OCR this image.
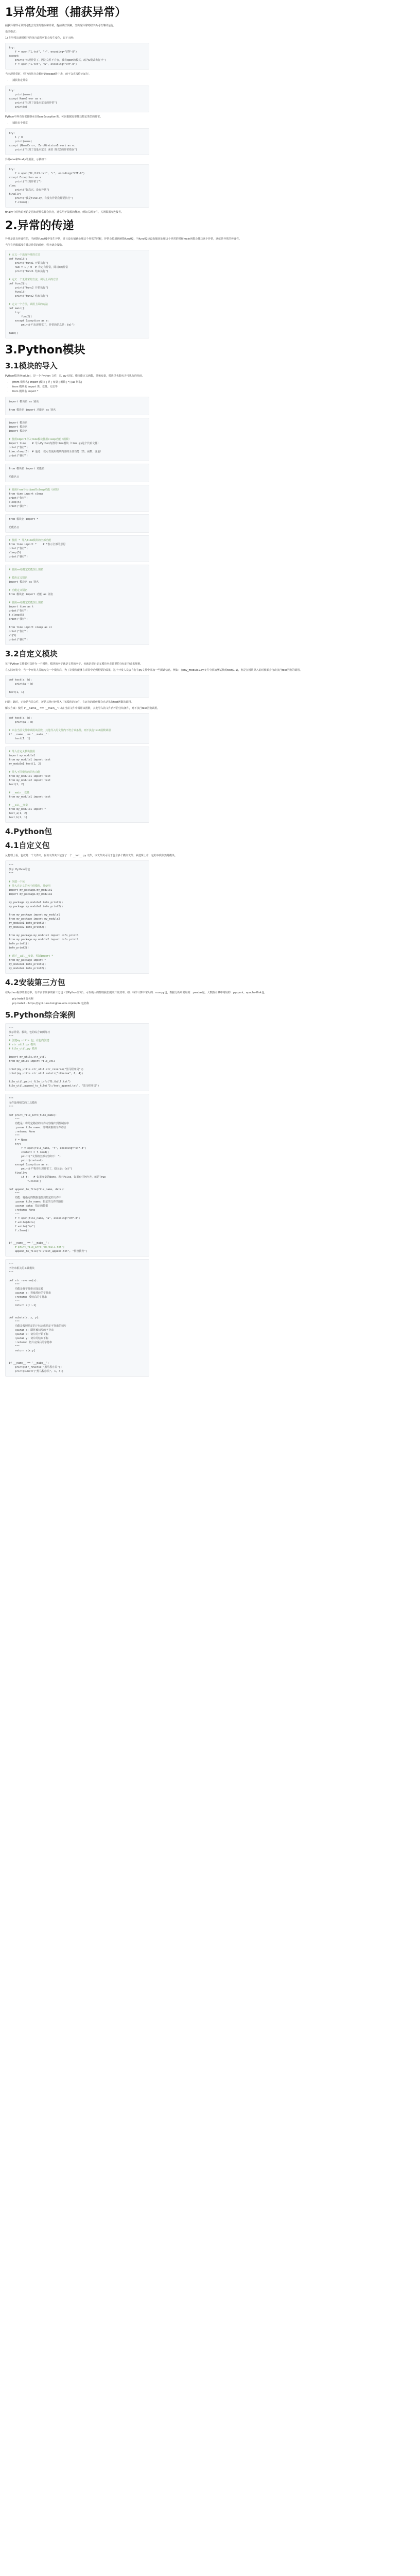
1异常处理（捕获异常）

捕获异常即可预判可能会发生的错误和异常，提前做好预案，当出现异常时程序仍可以继续运行。

语法格式：

1) 在异常出现时程序的执行流程可能会发生变化，如下示例：

try:
f = open("1.txt", "r", encoding="UTF-8")
except:
print("出现异常了，因为文件不存在，我将open的模式，改为w模式去打开")
f = open("1.txt", "w", encoding="UTF-8")

当出现异常时，程序的执行会跳转到except块中去，而不会直接终止运行。

• 捕获指定异常
try:
print(name)
except NameError as e:
print("出现了变量未定义的异常")
print(e)

Python中所有异常都继承自BaseException类，可以根据需要捕获特定类型的异常。

• 捕获多个异常
try:
1 / 0
print(name)
except (NameError, ZeroDivisionError) as e:
print("出现了变量未定义 或者 除以0的异常错误")

异常else和finally的用法，示例如下：

try:
f = open("D:/123.txt", "r", encoding="UTF-8")
except Exception as e:
print("出现异常了")
else:
print("好高兴，没有异常")
finally:
print("我是finally，有没有异常我都要执行")
f.close()

finally中的代码无论是否出现异常都会执行，通常用于资源的释放，例如关闭文件、关闭数据库连接等。

2.异常的传递

异常是具有传递性的，当函数func01中发生异常，并且没有捕获处理这个异常的时候，异常会传递到函数func02，当func02也没有捕获处理这个异常的时候main函数会捕获这个异常，这就是异常的传递性。

当所有函数都没有捕获异常的时候，程序就会报错。

# 定义一个出现异常的方法
def func1():
print("func1 开始执行")
num = 1 / 0  # 肯定有异常，除以0的异常
print("func1 结束执行")

# 定义一个无异常的方法，调用上面的方法
def func2():
print("func2 开始执行")
func1()
print("func2 结束执行")

# 定义一个方法，调用上面的方法
def main():
try:
func2()
except Exception as e:
print(f"出现异常了，异常的信息是：{e}")

main()
3.Python模块
3.1模块的导入

Python模块(Module)，是一个 Python 文件，以 .py 结尾。模块能定义函数，类和变量，模块里也能包含可执行的代码。

• [from 模块名] import [模块 | 类 | 变量 | 函数 | *] [as 别名]
• from 模块名 import 类、变量、方法等
• from 模块名 import *
import 模块名 as 别名

from 模块名 import 功能名 as 别名
import 模块名
import 模块名
import 模块名

# 使用import导入time模块使用sleep功能（函数）
import time    # 导入Python内置的time模块（time.py这个代码文件）
print("你好")
time.sleep(5)  # 通过: 就可以使用模块内部的全部功能（类、函数、变量）
print("我好")
from 模块名 import 功能名

功能名()
# 使用from导入time的sleep功能（函数）
from time import sleep
print("你好")
sleep(5)
print("我好")
from 模块名 import *

功能名()
# 使用 * 导入time模块的全部功能
from time import *    # *表示全部的意思
print("你好")
sleep(5)
print("我好")
# 使用as给特定功能加上别名

# 模块定义别名
import 模块名 as 别名

# 功能定义别名
from 模块名 import 功能 as 别名

# 使用as给特定功能加上别名
import time as t
print("你好")
t.sleep(5)
print("我好")

from time import sleep as sl
print("你好")
sl(5)
print("我好")
3.2自定义模块

每个Python文件都可以作为一个模块，模块的名字就是文件的名字，也就是说自定义模块名必须要符合标识符命名规则。

在实际开发中，当一个开发人员编写完一个模块后，为了让模块能够在项目中达到想要的效果，这个开发人员会自行在py文件中添加一些测试信息，例如：在my_module1.py文件中添加测试代码test(1,1)，但是在模块导入的时候都会自动执行test函数的调用。

def test(a, b):
print(a + b)

test(1, 1)

问题：此时，无论是当前文件，还是其他已经导入了该模块的文件，在运行的时候都会自动执行test函数的调用。

解决方案：使用 if __name__ == '__main__': 只在当前文件中调用该函数，其他导入的文件内不符合该条件，则不执行test函数调用。

def test(a, b):
print(a + b)

# 只在当前文件中调用该函数，其他导入的文件内不符合该条件，则不执行test函数调用
if __name__ == '__main__':
test(1, 1)
# 导入自定义模块使用
import my_module1
from my_module1 import test
my_module1.test(1, 2)

# 导入不同模块的同名功能
from my_module1 import test
from my_module2 import test
test(1, 2)

# __main__变量
from my_module1 import test

# __all__变量
from my_module1 import *
test_a(1, 2)
test_b(2, 1)
4.Python包
4.1自定义包

从物理上看，包就是一个文件夹，在该文件夹下包含了一个 __init__.py 文件，该文件夹可用于包含多个模块文件；从逻辑上看，包的本质依然是模块。

"""
演示 Python的包
"""

# 创建一个包
# 导入自定义的包中的模块，并使用
import my_package.my_module1
import my_package.my_module2

my_package.my_module1.info_print1()
my_package.my_module2.info_print2()

from my_package import my_module1
from my_package import my_module2
my_module1.info_print1()
my_module2.info_print2()

from my_package.my_module1 import info_print1
from my_package.my_module2 import info_print2
info_print1()
info_print2()

# 通过__all__变量，控制import *
from my_package import *
my_module1.info_print1()
my_module2.info_print2()
4.2安装第三方包

在Python程序的生态中，有许多非常多的第三方包（非Python官方），可以极大的帮助我们提高开发效率，如：科学计算中常用的：numpy包，数据分析中常用的：pandas包，大数据计算中常用的：pyspark、apache-flink包。

• pip install 包名称
• pip install -i https://pypi.tuna.tsinghua.edu.cn/simple 包名称
5.Python综合案例
"""
演示异常、模块、包的综合案例练习
"""
# 创建my_utils 包，在包内创建：
# str_util.py 模块
# file_util.py 模块

import my_utils.str_util
from my_utils import file_util

print(my_utils.str_util.str_reverse("黑马程序员"))
print(my_utils.str_util.substr("itheima", 0, 4))

file_util.print_file_info("D:/bill.txt")
file_util.append_to_file("D:/test_append.txt", "黑马程序员")
"""
文件处理相关的工具模块
"""

def print_file_info(file_name):
"""
功能是：将给定路径的文件内容输出到控制台中
:param file_name: 即将读取的文件路径
:return: None
"""
f = None
try:
f = open(file_name, "r", encoding="UTF-8")
content = f.read()
print("文件的全部内容如下：")
print(content)
except Exception as e:
print(f"程序出现异常了，原因是：{e}")
finally:
if f:   # 如果变量是None，表示False，如果有任何内容，就是True
f.close()

def append_to_file(file_name, data):
"""
功能：将指定的数据追加到指定的文件中
:param file_name: 指定的文件的路径
:param data: 指定的数据
:return: None
"""
f = open(file_name, "a", encoding="UTF-8")
f.write(data)
f.write("\n")
f.close()

if __name__ == '__main__':
# print_file_info("D:/bill.txt")
append_to_file("D:/test_append.txt", "传智教育")
"""
字符串相关的工具模块
"""

def str_reverse(s):
"""
功能是将字符串完成反转
:param s: 将被反转的字符串
:return: 反转后的字符串
"""
return s[::-1]

def substr(s, x, y):
"""
功能是按照给定的下标完成给定字符串的切片
:param s: 即将被切片的字符串
:param x: 切片的开始下标
:param y: 切片的结束下标
:return: 切片完成后的字符串
"""
return s[x:y]

if __name__ == '__main__':
print(str_reverse("黑马程序员"))
print(substr("黑马程序员", 1, 3))
